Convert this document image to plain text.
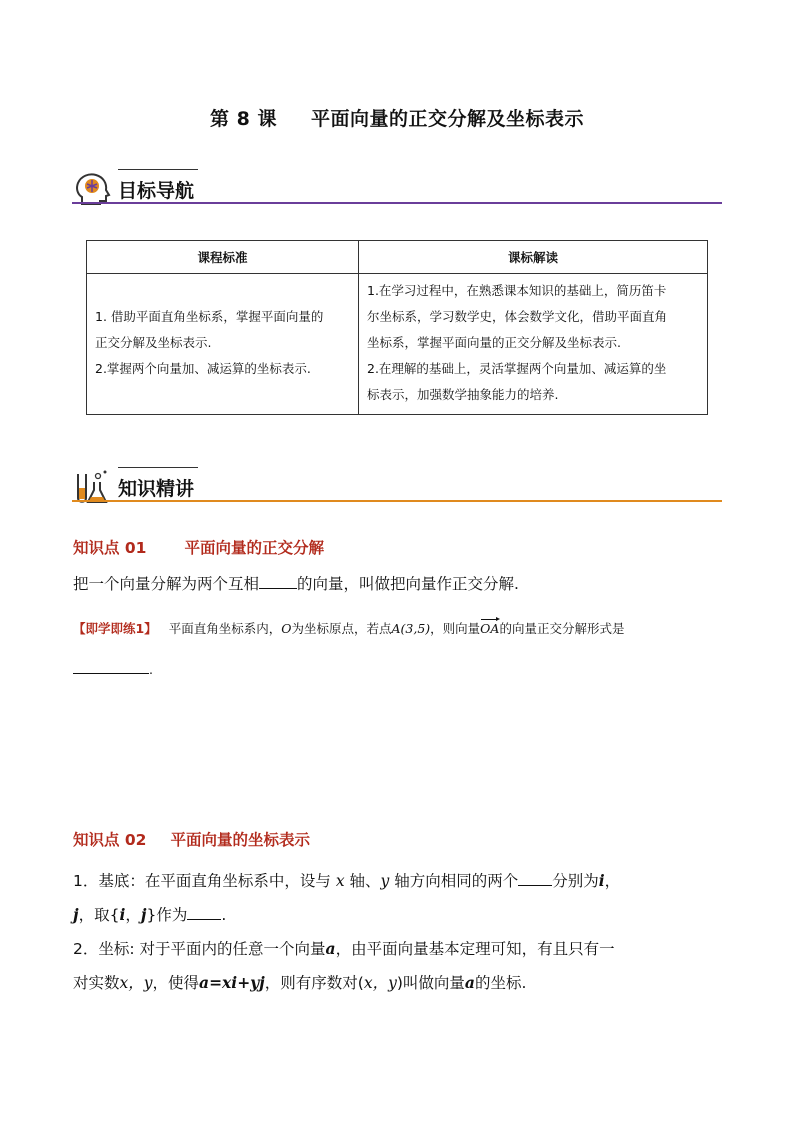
第 8 课 平面向量的正交分解及坐标表示
目标导航
课程标准	课标解读

1. 借助平面直角坐标系，掌握平面向量的
正交分解及坐标表示.
2.掌握两个向量加、减运算的坐标表示.	1.在学习过程中，在熟悉课本知识的基础上，简历笛卡
尔坐标系，学习数学史，体会数学文化，借助平面直角
坐标系，掌握平面向量的正交分解及坐标表示.
2.在理解的基础上，灵活掌握两个向量加、减运算的坐
标表示，加强数学抽象能力的培养.
知识精讲
知识点 01 平面向量的正交分解
把一个向量分解为两个互相 的向量，叫做把向量作正交分解.
【即学即练1】 平面直角坐标系内，O为坐标原点，若点A(3,5)，则向量OA的向量正交分解形式是
.
知识点 02 平面向量的坐标表示
1．基底：在平面直角坐标系中，设与 x 轴、y 轴方向相同的两个 分别为i，
j，取{i，j}作为 .
2．坐标: 对于平面内的任意一个向量a，由平面向量基本定理可知，有且只有一
对实数x，y，使得a=xi+yj，则有序数对(x，y)叫做向量a的坐标.
